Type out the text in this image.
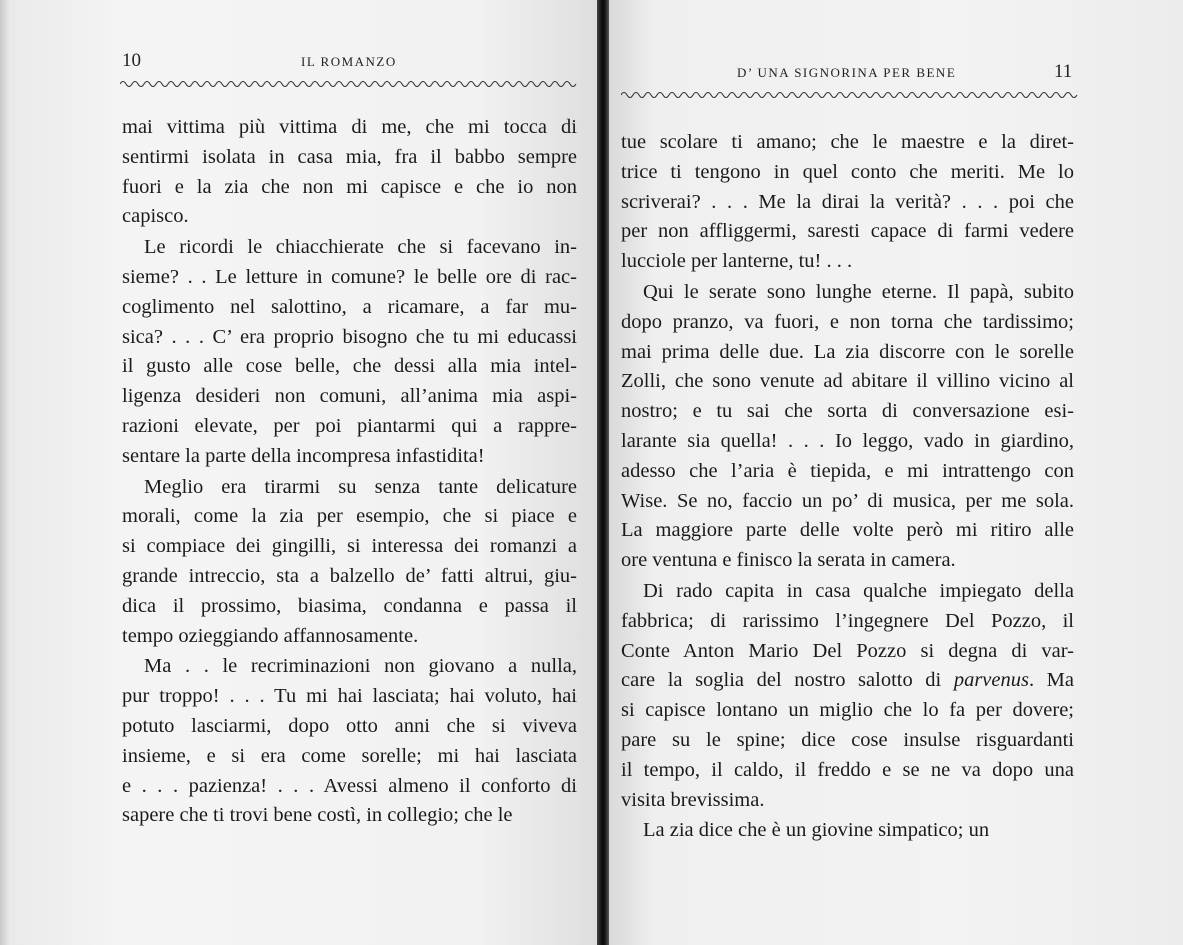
10	IL ROMANZO

mai vittima più vittima di me, che mi tocca di
sentirmi isolata in casa mia, fra il babbo sempre
fuori e la zia che non mi capisce e che io non
capisco.

Le ricordi le chiacchierate che si facevano in-
sieme? . . Le letture in comune? le belle ore di rac-
coglimento nel salottino, a ricamare, a far mu-
sica? . . . C’ era proprio bisogno che tu mi educassi
il gusto alle cose belle, che dessi alla mia intel-
ligenza desideri non comuni, all’anima mia aspi-
razioni elevate, per poi piantarmi qui a rappre-
sentare la parte della incompresa infastidita!

Meglio era tirarmi su senza tante delicature
morali, come la zia per esempio, che si piace e
si compiace dei gingilli, si interessa dei romanzi a
grande intreccio, sta a balzello de’ fatti altrui, giu-
dica il prossimo, biasima, condanna e passa il
tempo ozieggiando affannosamente.

Ma . . le recriminazioni non giovano a nulla,
pur troppo! . . . Tu mi hai lasciata; hai voluto, hai
potuto lasciarmi, dopo otto anni che si viveva
insieme, e si era come sorelle; mi hai lasciata
e . . . pazienza! . . . Avessi almeno il conforto di
sapere che ti trovi bene costì, in collegio; che le

D’ UNA SIGNORINA PER BENE	11

tue scolare ti amano; che le maestre e la diret-
trice ti tengono in quel conto che meriti. Me lo
scriverai? . . . Me la dirai la verità? . . . poi che
per non affliggermi, saresti capace di farmi vedere
lucciole per lanterne, tu! . . .

Qui le serate sono lunghe eterne. Il papà, subito
dopo pranzo, va fuori, e non torna che tardissimo;
mai prima delle due. La zia discorre con le sorelle
Zolli, che sono venute ad abitare il villino vicino al
nostro; e tu sai che sorta di conversazione esi-
larante sia quella! . . . Io leggo, vado in giardino,
adesso che l’aria è tiepida, e mi intrattengo con
Wise. Se no, faccio un po’ di musica, per me sola.
La maggiore parte delle volte però mi ritiro alle
ore ventuna e finisco la serata in camera.

Di rado capita in casa qualche impiegato della
fabbrica; di rarissimo l’ingegnere Del Pozzo, il
Conte Anton Mario Del Pozzo si degna di var-
care la soglia del nostro salotto di parvenus. Ma
si capisce lontano un miglio che lo fa per dovere;
pare su le spine; dice cose insulse risguardanti
il tempo, il caldo, il freddo e se ne va dopo una
visita brevissima.

La zia dice che è un giovine simpatico; un
